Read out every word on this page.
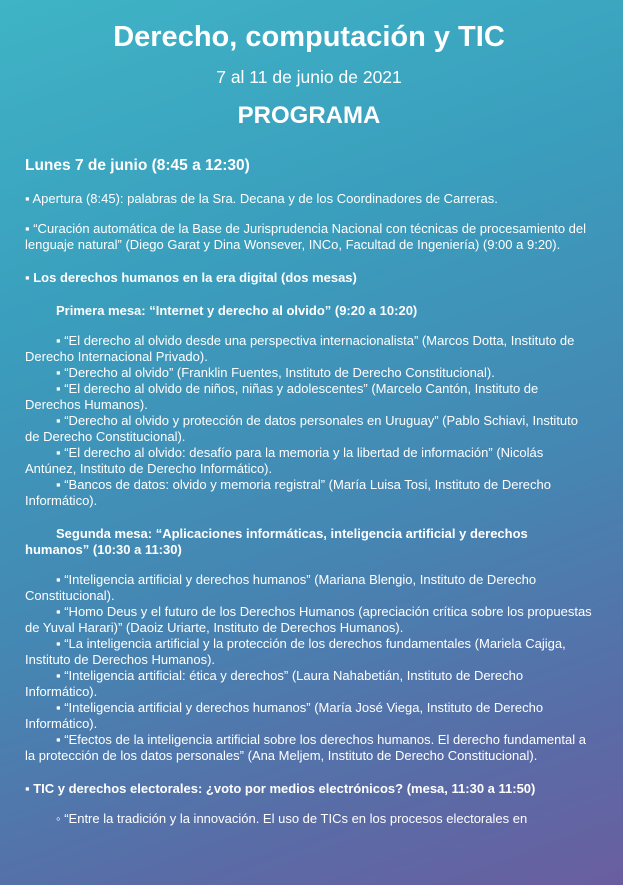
Derecho, computación y TIC
7 al 11 de junio de 2021
PROGRAMA
Lunes 7 de junio (8:45 a 12:30)
▪ Apertura (8:45): palabras de la Sra. Decana y de los Coordinadores de Carreras.
▪ “Curación automática de la Base de Jurisprudencia Nacional con técnicas de procesamiento del lenguaje natural” (Diego Garat y Dina Wonsever, INCo, Facultad de Ingeniería) (9:00 a 9:20).
▪ Los derechos humanos en la era digital (dos mesas)
Primera mesa: “Internet y derecho al olvido” (9:20 a 10:20)
▪ “El derecho al olvido desde una perspectiva internacionalista” (Marcos Dotta, Instituto de Derecho Internacional Privado).
▪ “Derecho al olvido” (Franklin Fuentes, Instituto de Derecho Constitucional).
▪ “El derecho al olvido de niños, niñas y adolescentes” (Marcelo Cantón, Instituto de Derechos Humanos).
▪ “Derecho al olvido y protección de datos personales en Uruguay” (Pablo Schiavi, Instituto de Derecho Constitucional).
▪ “El derecho al olvido: desafío para la memoria y la libertad de información” (Nicolás Antúnez, Instituto de Derecho Informático).
▪ “Bancos de datos: olvido y memoria registral” (María Luisa Tosi, Instituto de Derecho Informático).
Segunda mesa: “Aplicaciones informáticas, inteligencia artificial y derechos humanos” (10:30 a 11:30)
▪ “Inteligencia artificial y derechos humanos” (Mariana Blengio, Instituto de Derecho Constitucional).
▪ “Homo Deus y el futuro de los Derechos Humanos (apreciación crítica sobre los propuestas de Yuval Harari)” (Daoiz Uriarte, Instituto de Derechos Humanos).
▪ “La inteligencia artificial y la protección de los derechos fundamentales (Mariela Cajiga, Instituto de Derechos Humanos).
▪ “Inteligencia artificial: ética y derechos” (Laura Nahabetián, Instituto de Derecho Informático).
▪ “Inteligencia artificial y derechos humanos” (María José Viega, Instituto de Derecho Informático).
▪ “Efectos de la inteligencia artificial sobre los derechos humanos. El derecho fundamental a la protección de los datos personales” (Ana Meljem, Instituto de Derecho Constitucional).
▪ TIC y derechos electorales: ¿voto por medios electrónicos? (mesa, 11:30 a 11:50)
◦ “Entre la tradición y la innovación. El uso de TICs en los procesos electorales en
